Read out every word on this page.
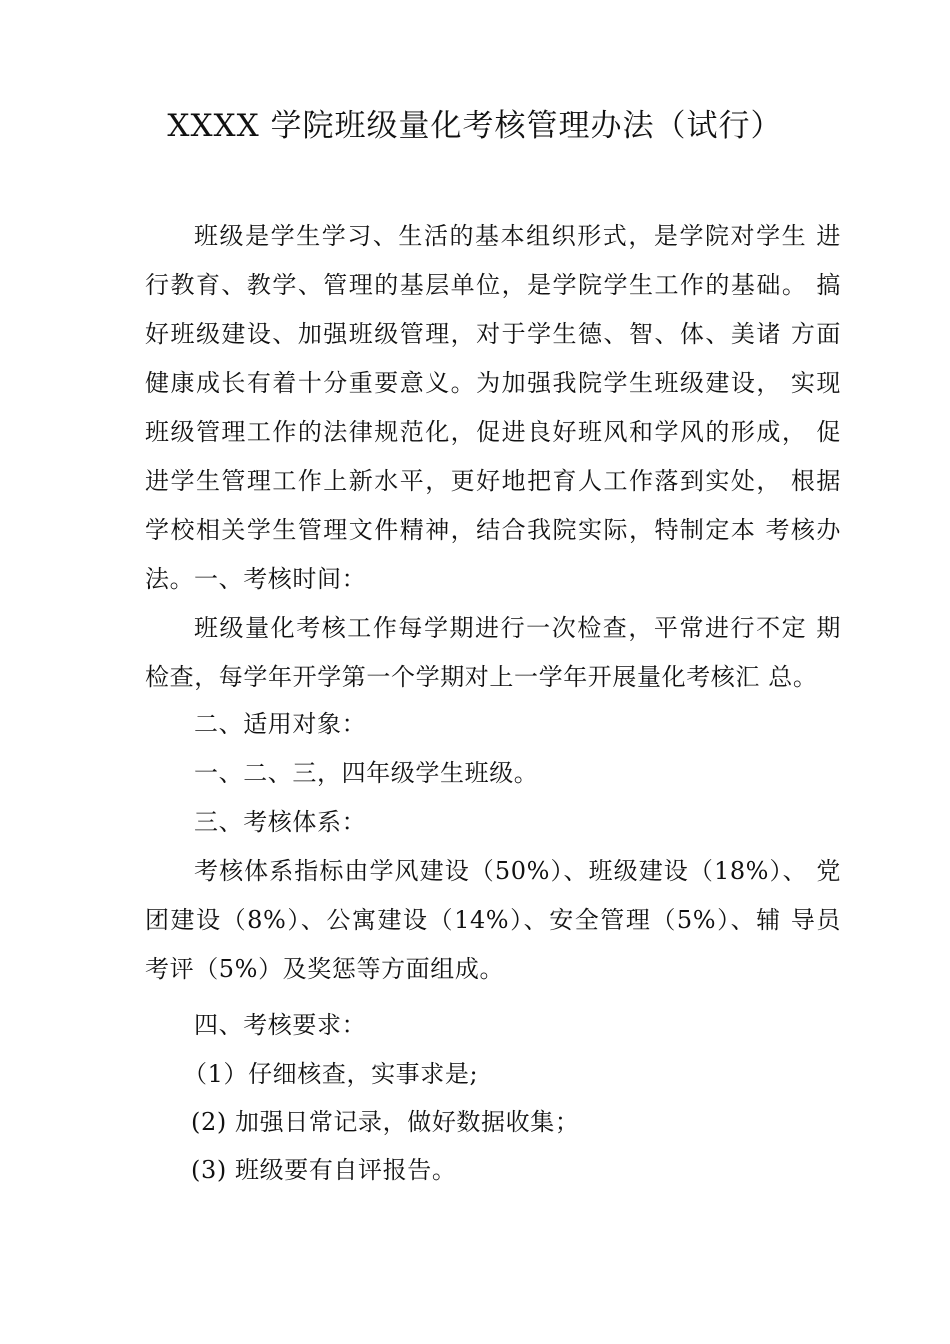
XXXX 学院班级量化考核管理办法（试行）

班级是学生学习、生活的基本组织形式，是学院对学生 进行教育、教学、管理的基层单位，是学院学生工作的基础。 搞好班级建设、加强班级管理，对于学生德、智、体、美诸 方面健康成长有着十分重要意义。为加强我院学生班级建设， 实现班级管理工作的法律规范化，促进良好班风和学风的形成， 促进学生管理工作上新水平，更好地把育人工作落到实处， 根据学校相关学生管理文件精神，结合我院实际，特制定本 考核办法。 一、考核时间：

班级量化考核工作每学期进行一次检查，平常进行不定 期检查，每学年开学第一个学期对上一学年开展量化考核汇 总。

二、适用对象：
一、二、三，四年级学生班级。
三、考核体系：

考核体系指标由学风建设（50%）、班级建设（18%）、 党团建设（8%）、公寓建设（14%）、安全管理（5%）、辅 导员考评（5%）及奖惩等方面组成。

四、考核要求：
（1）仔细核查，实事求是;
(2) 加强日常记录，做好数据收集；
(3) 班级要有自评报告。
